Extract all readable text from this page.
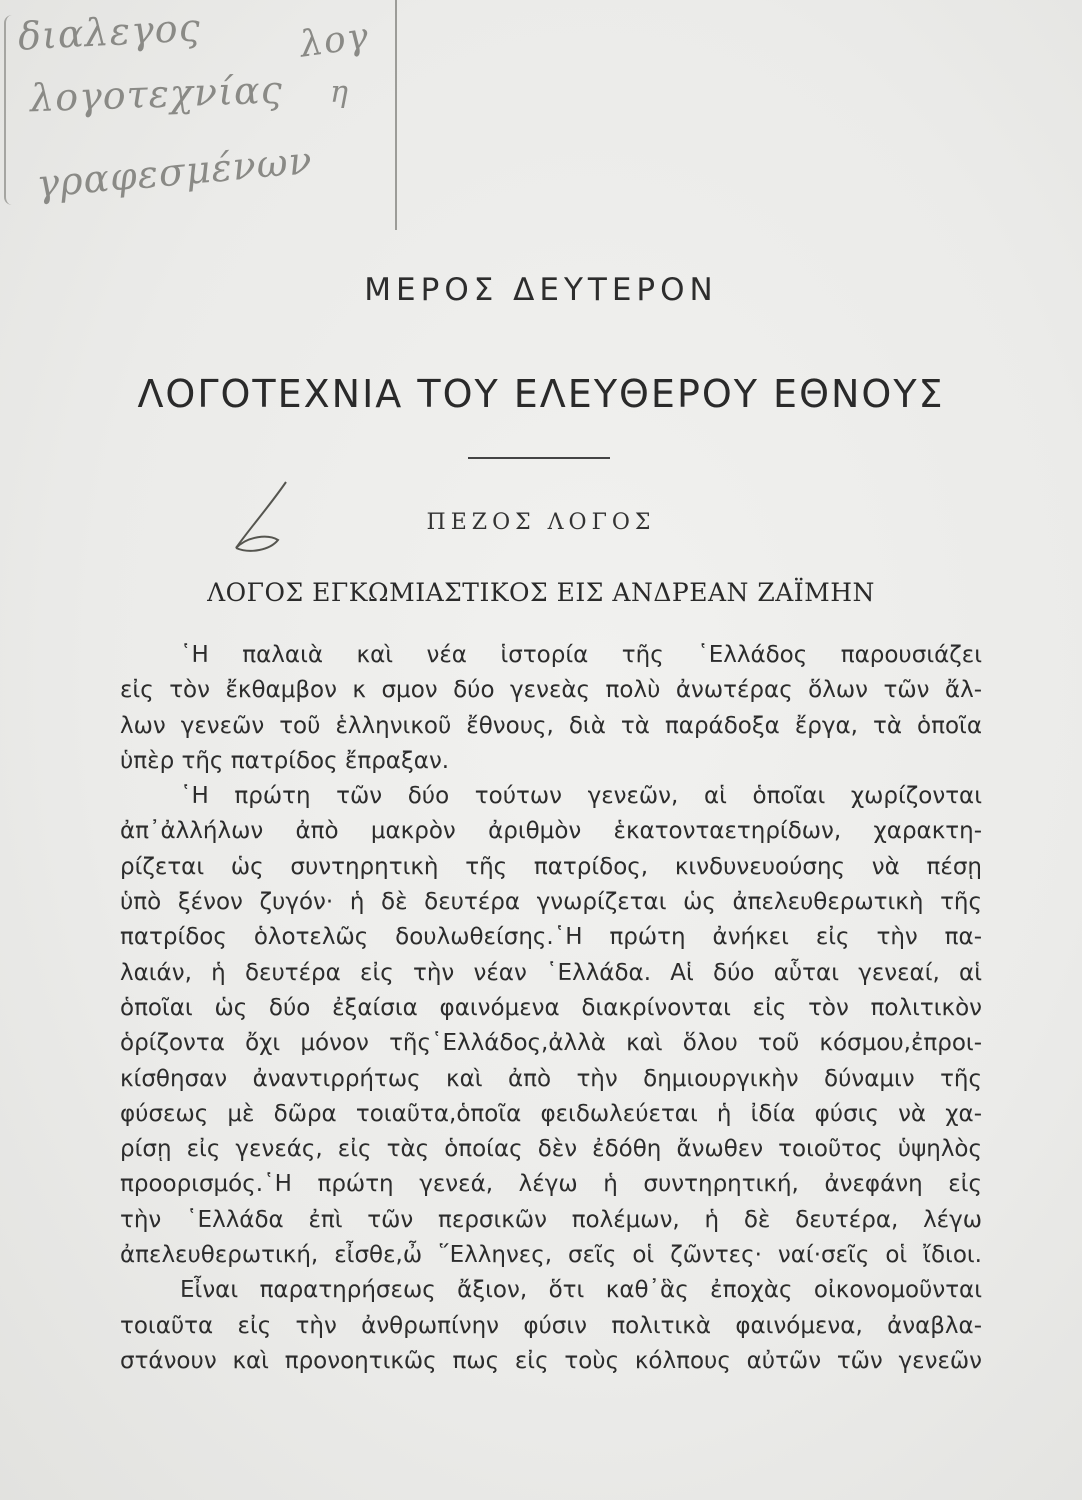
διαλεγος
λογοτεχνίας
γραφεσμένων
λογ
η
ΜΕΡΟΣ ΔΕΥΤΕΡΟΝ
ΛΟΓΟΤΕΧΝΙΑ ΤΟΥ ΕΛΕΥΘΕΡΟΥ ΕΘΝΟΥΣ
ΠΕΖΟΣ ΛΟΓΟΣ
ΛΟΓΟΣ ΕΓΚΩΜΙΑΣΤΙΚΟΣ ΕΙΣ ΑΝΔΡΕΑΝ ΖΑΪΜΗΝ
῾Η παλαιὰ καὶ νέα ἱστορία τῆς ῾Ελλάδος παρουσιάζει
εἰς τὸν ἔκθαμβον κ σμον δύο γενεὰς πολὺ ἀνωτέρας ὅλων τῶν ἄλ-
λων γενεῶν τοῦ ἑλληνικοῦ ἔθνους, διὰ τὰ παράδοξα ἔργα, τὰ ὁποῖα
ὑπὲρ τῆς πατρίδος ἔπραξαν.
῾Η πρώτη τῶν δύο τούτων γενεῶν, αἱ ὁποῖαι χωρίζονται
ἀπ᾿ἀλλήλων ἀπὸ μακρὸν ἀριθμὸν ἑκατονταετηρίδων, χαρακτη-
ρίζεται ὡς συντηρητικὴ τῆς πατρίδος, κινδυνευούσης νὰ πέσῃ
ὑπὸ ξένον ζυγόν· ἡ δὲ δευτέρα γνωρίζεται ὡς ἀπελευθερωτικὴ τῆς
πατρίδος ὁλοτελῶς δουλωθείσης.῾Η πρώτη ἀνήκει εἰς τὴν πα-
λαιάν, ἡ δευτέρα εἰς τὴν νέαν ῾Ελλάδα. Αἱ δύο αὗται γενεαί, αἱ
ὁποῖαι ὡς δύο ἐξαίσια φαινόμενα διακρίνονται εἰς τὸν πολιτικὸν
ὁρίζοντα ὄχι μόνον τῆς῾Ελλάδος,ἀλλὰ καὶ ὅλου τοῦ κόσμου,ἐπροι-
κίσθησαν ἀναντιρρήτως καὶ ἀπὸ τὴν δημιουργικὴν δύναμιν τῆς
φύσεως μὲ δῶρα τοιαῦτα,ὁποῖα φειδωλεύεται ἡ ἰδία φύσις νὰ χα-
ρίσῃ εἰς γενεάς, εἰς τὰς ὁποίας δὲν ἐδόθη ἄνωθεν τοιοῦτος ὑψηλὸς
προορισμός.῾Η πρώτη γενεά, λέγω ἡ συντηρητική, ἀνεφάνη εἰς
τὴν ῾Ελλάδα ἐπὶ τῶν περσικῶν πολέμων, ἡ δὲ δευτέρα, λέγω
ἀπελευθερωτική, εἶσθε,ὦ ῞Ελληνες, σεῖς οἱ ζῶντες· ναί·σεῖς οἱ ἴδιοι.
Εἶναι παρατηρήσεως ἄξιον, ὅτι καθ᾿ἃς ἐποχὰς οἰκονομοῦνται
τοιαῦτα εἰς τὴν ἀνθρωπίνην φύσιν πολιτικὰ φαινόμενα, ἀναβλα-
στάνουν καὶ προνοητικῶς πως εἰς τοὺς κόλπους αὐτῶν τῶν γενεῶν
